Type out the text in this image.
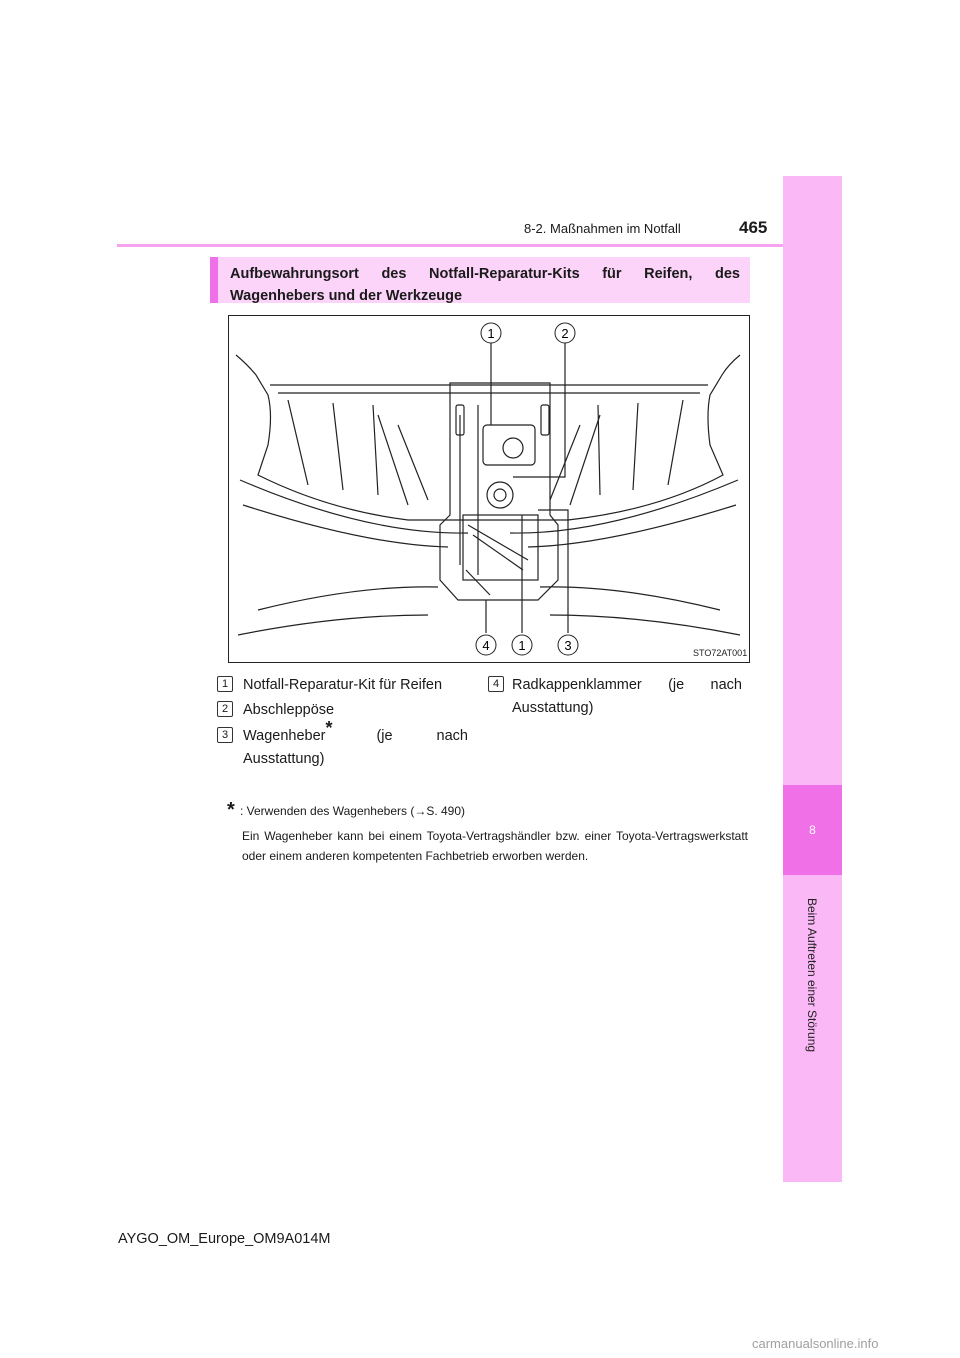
8-2. Maßnahmen im Notfall	465
8
Beim Auftreten einer Störung
Aufbewahrungsort des Notfall-Reparatur-Kits für Reifen, des Wagenhebers und der Werkzeuge
1	2
4 1	3	STO72AT001
1	Notfall-Reparatur-Kit für Reifen
2	Abschleppöse
3	Wagenheber* (je nach Ausstattung)
4 Radkappenklammer (je nach Ausstattung)
* : Verwenden des Wagenhebers (→S. 490)
Ein Wagenheber kann bei einem Toyota-Vertragshändler bzw. einer Toyota-Vertragswerkstatt oder einem anderen kompetenten Fachbetrieb erworben werden.
AYGO_OM_Europe_OM9A014M
carmanualsonline.info
